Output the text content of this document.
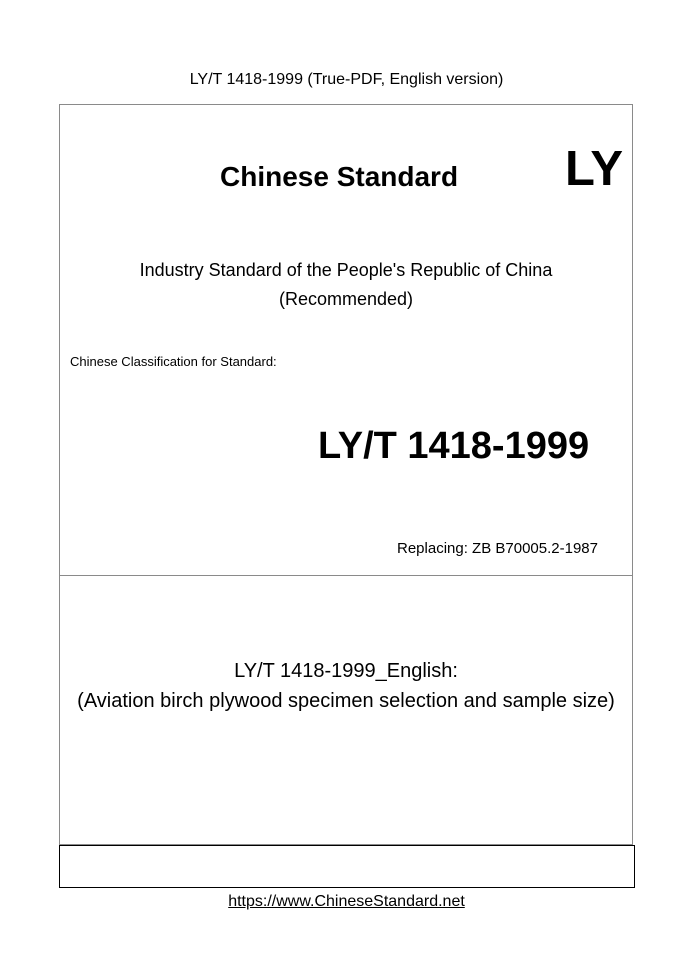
LY/T 1418-1999 (True-PDF, English version)
Chinese Standard LY
Industry Standard of the People's Republic of China
(Recommended)
Chinese Classification for Standard:
LY/T 1418-1999
Replacing: ZB B70005.2-1987
LY/T 1418-1999_English:
(Aviation birch plywood specimen selection and sample size)
https://www.ChineseStandard.net
